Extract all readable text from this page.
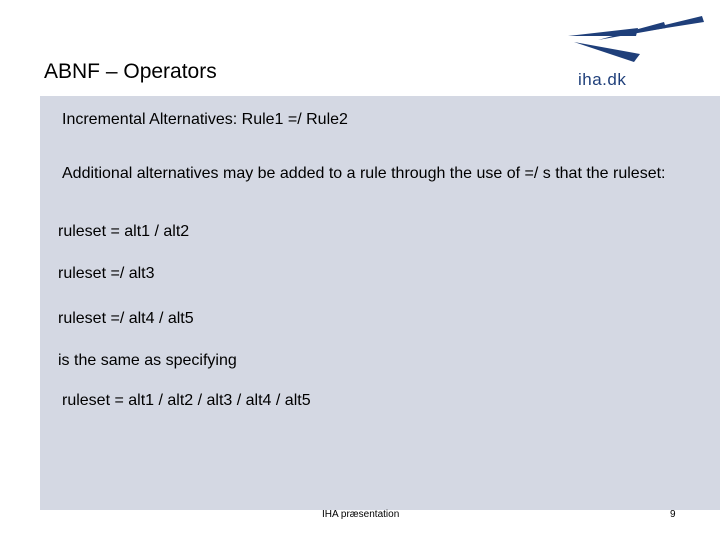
ABNF – Operators	iha.dk
Incremental Alternatives: Rule1 =/ Rule2
Additional alternatives may be added to a rule through the use of =/ s that the ruleset:
ruleset = alt1 / alt2
ruleset =/ alt3
ruleset =/ alt4 / alt5
is the same as specifying
ruleset = alt1 / alt2 / alt3 / alt4 / alt5
IHA præsentation	9
